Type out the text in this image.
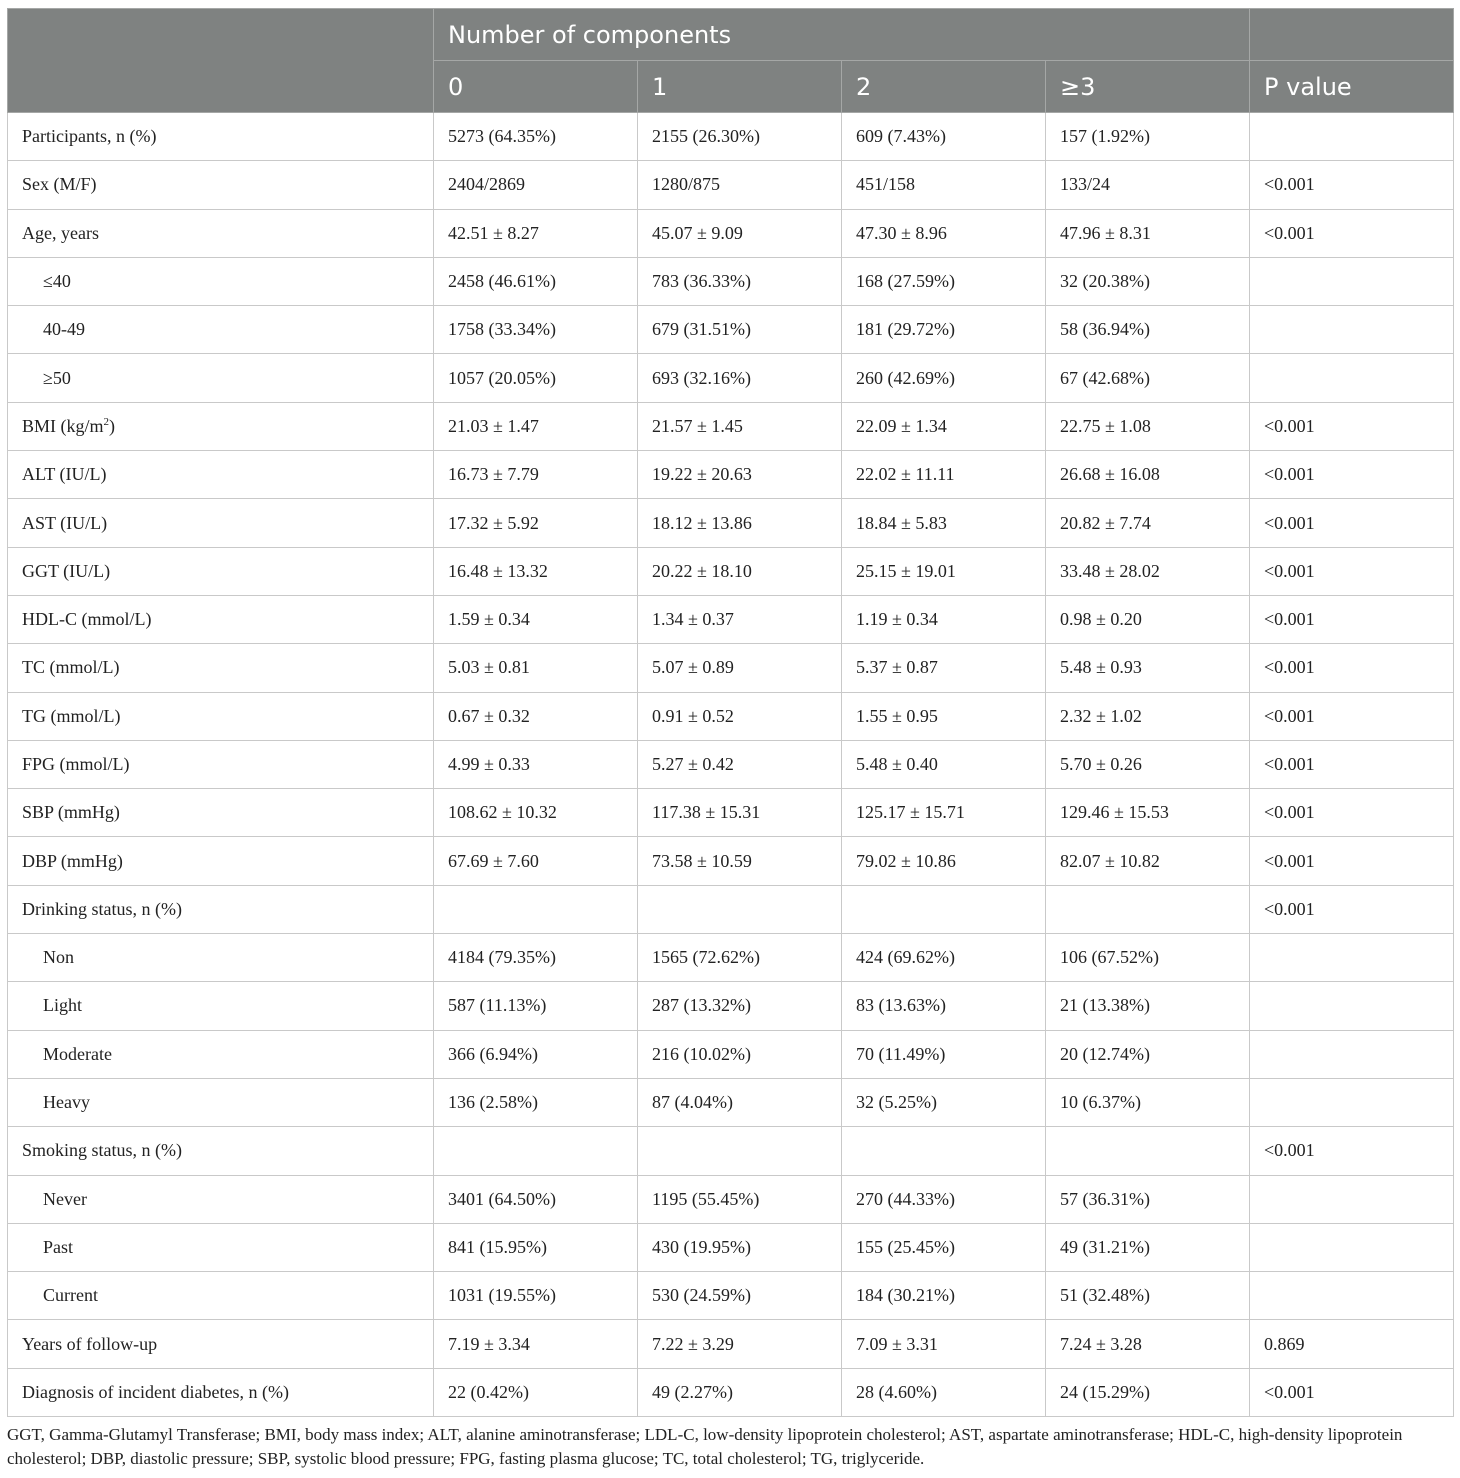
	Number of components				
	0	1	2	≥3	P value
Participants, n (%)	5273 (64.35%)	2155 (26.30%)	609 (7.43%)	157 (1.92%)	
Sex (M/F)	2404/2869	1280/875	451/158	133/24	<0.001
Age, years	42.51 ± 8.27	45.07 ± 9.09	47.30 ± 8.96	47.96 ± 8.31	<0.001
≤40	2458 (46.61%)	783 (36.33%)	168 (27.59%)	32 (20.38%)	
40-49	1758 (33.34%)	679 (31.51%)	181 (29.72%)	58 (36.94%)	
≥50	1057 (20.05%)	693 (32.16%)	260 (42.69%)	67 (42.68%)	
BMI $(kg/m^2)$	21.03 ± 1.47	21.57 ± 1.45	22.09 ± 1.34	22.75 ± 1.08	<0.001
ALT (IU/L)	16.73 ± 7.79	19.22 ± 20.63	22.02 ± 11.11	26.68 ± 16.08	<0.001
AST (IU/L)	17.32 ± 5.92	18.12 ± 13.86	18.84 ± 5.83	20.82 ± 7.74	<0.001
GGT (IU/L)	16.48 ± 13.32	20.22 ± 18.10	25.15 ± 19.01	33.48 ± 28.02	<0.001
HDL-C (mmol/L)	1.59 ± 0.34	1.34 ± 0.37	1.19 ± 0.34	0.98 ± 0.20	<0.001
TC (mmol/L)	5.03 ± 0.81	5.07 ± 0.89	5.37 ± 0.87	5.48 ± 0.93	<0.001
TG (mmol/L)	0.67 ± 0.32	0.91 ± 0.52	1.55 ± 0.95	2.32 ± 1.02	<0.001
FPG (mmol/L)	4.99 ± 0.33	5.27 ± 0.42	5.48 ± 0.40	5.70 ± 0.26	<0.001
SBP (mmHg)	108.62 ± 10.32	117.38 ± 15.31	125.17 ± 15.71	129.46 ± 15.53	<0.001
DBP (mmHg)	67.69 ± 7.60	73.58 ± 10.59	79.02 ± 10.86	82.07 ± 10.82	<0.001
Drinking status, n (%)					<0.001
Non	4184 (79.35%)	1565 (72.62%)	424 (69.62%)	106 (67.52%)	
Light	587 (11.13%)	287 (13.32%)	83 (13.63%)	21 (13.38%)	
Moderate	366 (6.94%)	216 (10.02%)	70 (11.49%)	20 (12.74%)	
Heavy	136 (2.58%)	87 (4.04%)	32 (5.25%)	10 (6.37%)	
Smoking status, n (%)					<0.001
Never	3401 (64.50%)	1195 (55.45%)	270 (44.33%)	57 (36.31%)	
Past	841 (15.95%)	430 (19.95%)	155 (25.45%)	49 (31.21%)	
Current	1031 (19.55%)	530 (24.59%)	184 (30.21%)	51 (32.48%)	
Years of follow-up	7.19 ± 3.34	7.22 ± 3.29	7.09 ± 3.31	7.24 ± 3.28	0.869
Diagnosis of incident diabetes, n (%)	22 (0.42%)	49 (2.27%)	28 (4.60%)	24 (15.29%)	<0.001
GGT, Gamma-Glutamyl Transferase; BMI, body mass index; ALT, alanine aminotransferase; LDL-C, low-density lipoprotein cholesterol; AST, aspartate aminotransferase; HDL-C, high-density lipoprotein cholesterol; DBP, diastolic pressure; SBP, systolic blood pressure; FPG, fasting plasma glucose; TC, total cholesterol; TG, triglyceride.
